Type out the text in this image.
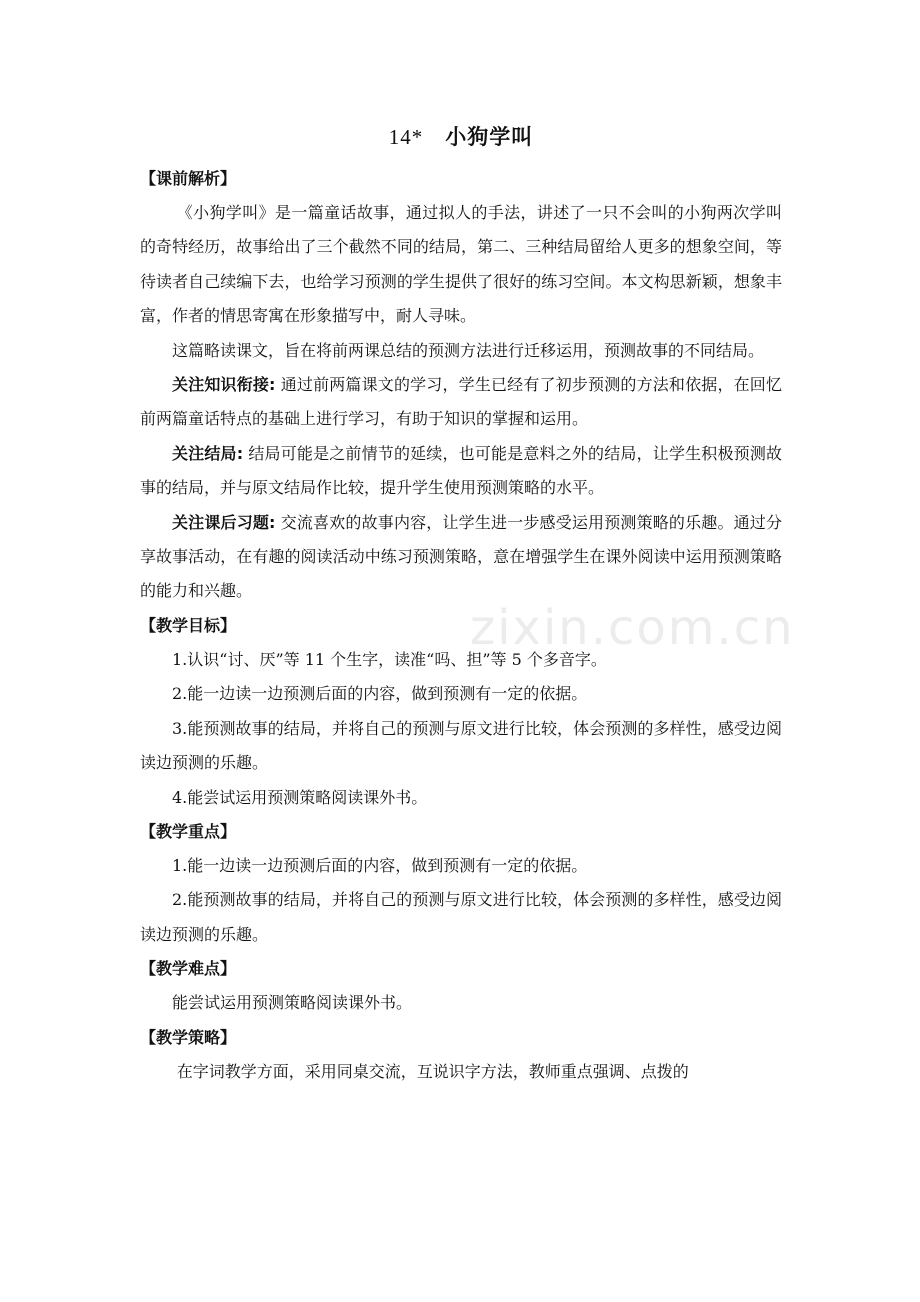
zixin.com.cn
14* 小狗学叫
【课前解析】

《小狗学叫》是一篇童话故事，通过拟人的手法，讲述了一只不会叫的小狗两次学叫的奇特经历，故事给出了三个截然不同的结局，第二、三种结局留给人更多的想象空间，等待读者自己续编下去，也给学习预测的学生提供了很好的练习空间。本文构思新颖，想象丰富，作者的情思寄寓在形象描写中，耐人寻味。

这篇略读课文，旨在将前两课总结的预测方法进行迁移运用，预测故事的不同结局。

关注知识衔接: 通过前两篇课文的学习，学生已经有了初步预测的方法和依据，在回忆前两篇童话特点的基础上进行学习，有助于知识的掌握和运用。

关注结局: 结局可能是之前情节的延续，也可能是意料之外的结局，让学生积极预测故事的结局，并与原文结局作比较，提升学生使用预测策略的水平。

关注课后习题: 交流喜欢的故事内容，让学生进一步感受运用预测策略的乐趣。通过分享故事活动，在有趣的阅读活动中练习预测策略，意在增强学生在课外阅读中运用预测策略的能力和兴趣。

【教学目标】

1.认识“讨、厌”等 11 个生字，读准“吗、担”等 5 个多音字。

2.能一边读一边预测后面的内容，做到预测有一定的依据。

3.能预测故事的结局，并将自己的预测与原文进行比较，体会预测的多样性，感受边阅读边预测的乐趣。

4.能尝试运用预测策略阅读课外书。

【教学重点】

1.能一边读一边预测后面的内容，做到预测有一定的依据。

2.能预测故事的结局，并将自己的预测与原文进行比较，体会预测的多样性，感受边阅读边预测的乐趣。

【教学难点】

能尝试运用预测策略阅读课外书。

【教学策略】

在字词教学方面，采用同桌交流，互说识字方法，教师重点强调、点拨的
